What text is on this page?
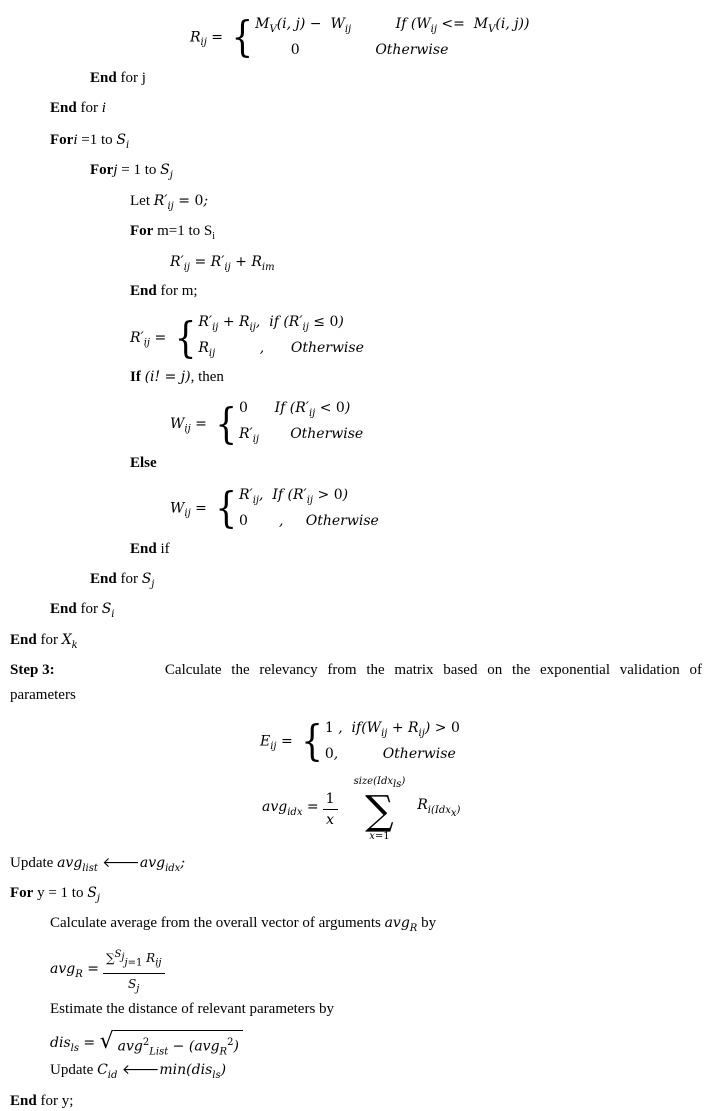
$R_{ij}$ = { $M_V(i$, $j) - W_{ij}$          If ($W_{ij} <= M_V(i$, j))
0	Otherwise
End for j
End for i
Fori =1 to $S_i$
Forj = 1 to $S_j$
Let $R'_{ij} = 0$;
For m=1 to $S_i$
$R'_{ij} = R'_{ij} + R_{im}$
End for m;
$R'_{ij}$ = { $R'_{ij} + R_{ij}$,  if $(R'_{ij} \le 0)$
$R_{ij}$          ,      Otherwise
If (i! = j), then
$W_{ij}$ = { 0      If $(R'_{ij} < 0)$
$R'_{ij}$ Otherwise
Else
$W_{ij}$ = { $R'_{ij}$,  If $(R'_{ij} > 0)$
0       ,     Otherwise
End if
End for $S_j$
End for $S_i$
End for $X_k$
Step 3:	Calculate the relevancy from the matrix based on the exponential validation of
parameters
$E_{ij}$ = { 1 ,  $if(W_{ij} + R_{ij}) > 0$
0,          Otherwise
$avg_{idx} = \frac{1}{x}$
size(Idx$_{ls}$)
∑
x=1
$R_{i(Idx_x)}$
Update avg$_{list}$ 🡐avg$_{idx}$;
For y = 1 to $S_j$
Calculate average from the overall vector of arguments avg$_R$ by
$avg_R = \frac{\sum^{S_j}_{j=1} R_{ij}}{S_j}$
Estimate the distance of relevant parameters by
dis$_{ls}$ = √ avg$^2_{List}$ − (avg$_R^2$)
Update $C_{id}$ 🡐min(dis$_{ls}$)
End for y;
